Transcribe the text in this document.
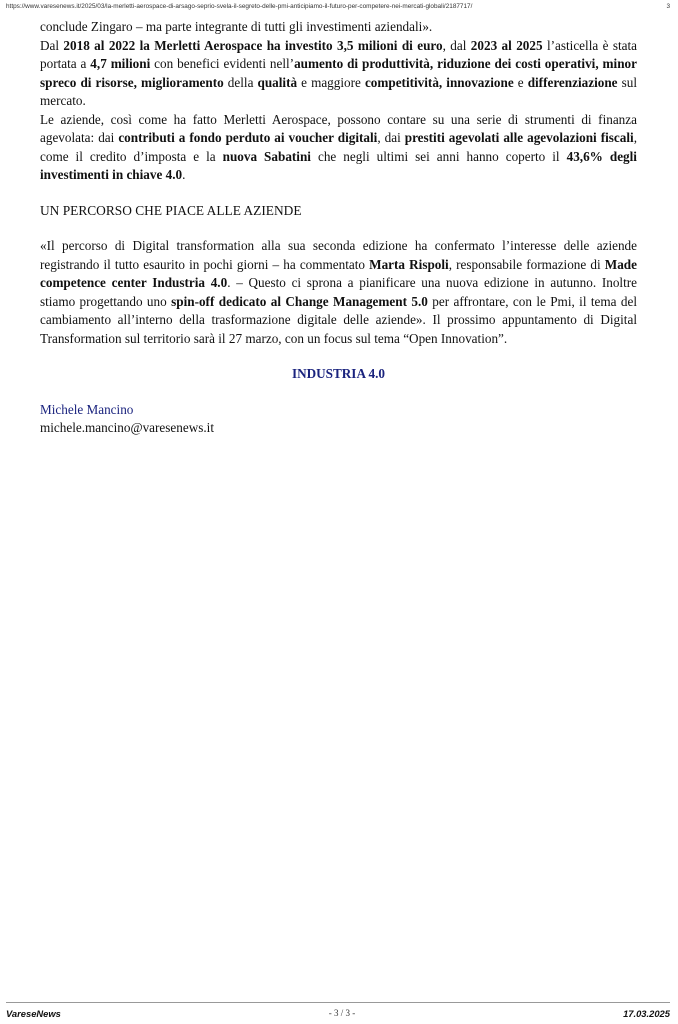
https://www.varesenews.it/2025/03/la-merletti-aerospace-di-arsago-seprio-svela-il-segreto-delle-pmi-anticipiamo-il-futuro-per-competere-nei-mercati-globali/2187717/	3

conclude Zingaro – ma parte integrante di tutti gli investimenti aziendali».

Dal 2018 al 2022 la Merletti Aerospace ha investito 3,5 milioni di euro, dal 2023 al 2025 l’asticella è stata portata a 4,7 milioni con benefici evidenti nell’aumento di produttività, riduzione dei costi operativi, minor spreco di risorse, miglioramento della qualità e maggiore competitività, innovazione e differenziazione sul mercato.

Le aziende, così come ha fatto Merletti Aerospace, possono contare su una serie di strumenti di finanza agevolata: dai contributi a fondo perduto ai voucher digitali, dai prestiti agevolati alle agevolazioni fiscali, come il credito d’imposta e la nuova Sabatini che negli ultimi sei anni hanno coperto il 43,6% degli investimenti in chiave 4.0.

UN PERCORSO CHE PIACE ALLE AZIENDE

«Il percorso di Digital transformation alla sua seconda edizione ha confermato l’interesse delle aziende registrando il tutto esaurito in pochi giorni – ha commentato Marta Rispoli, responsabile formazione di Made competence center Industria 4.0. – Questo ci sprona a pianificare una nuova edizione in autunno. Inoltre stiamo progettando uno spin-off dedicato al Change Management 5.0 per affrontare, con le Pmi, il tema del cambiamento all’interno della trasformazione digitale delle aziende». Il prossimo appuntamento di Digital Transformation sul territorio sarà il 27 marzo, con un focus sul tema “Open Innovation”.

INDUSTRIA 4.0

Michele Mancino

michele.mancino@varesenews.it

VareseNews	- 3 / 3 -	17.03.2025
